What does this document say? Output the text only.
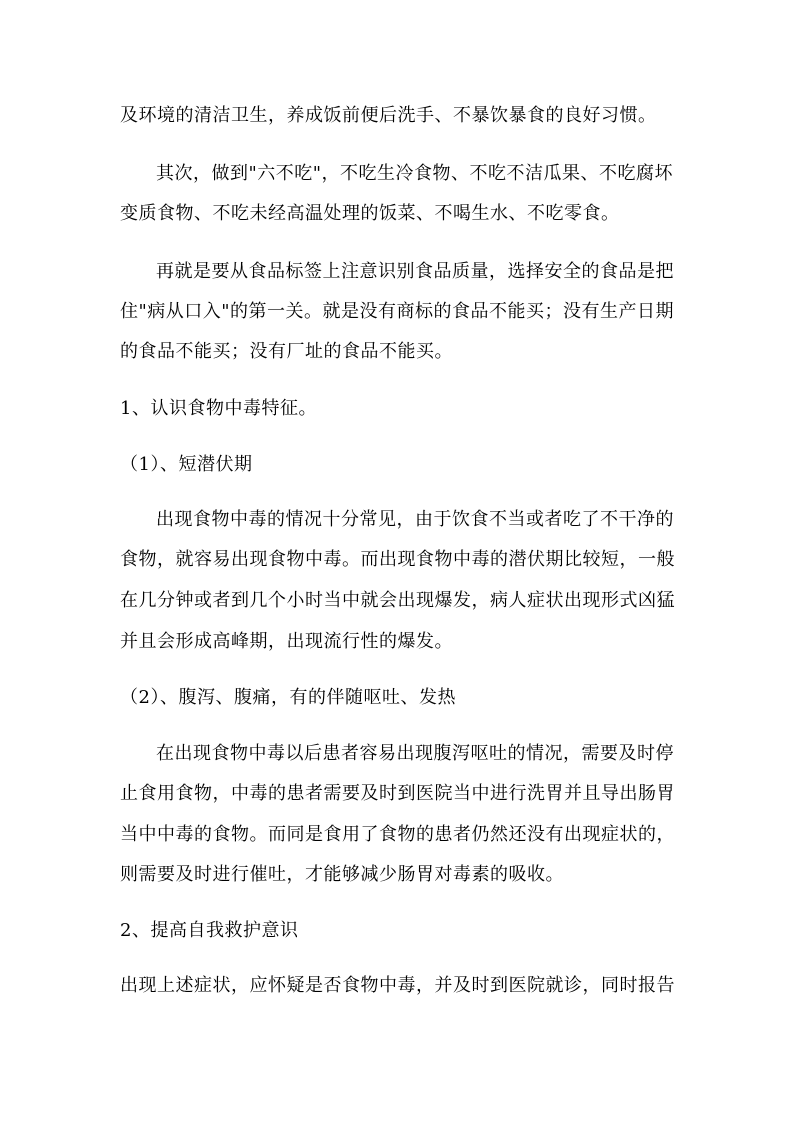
及环境的清洁卫生，养成饭前便后洗手、不暴饮暴食的良好习惯。
其次，做到"六不吃"，不吃生冷食物、不吃不洁瓜果、不吃腐坏
变质食物、不吃未经高温处理的饭菜、不喝生水、不吃零食。
再就是要从食品标签上注意识别食品质量，选择安全的食品是把
住"病从口入"的第一关。就是没有商标的食品不能买；没有生产日期
的食品不能买；没有厂址的食品不能买。
1、认识食物中毒特征。
（1）、短潜伏期
出现食物中毒的情况十分常见，由于饮食不当或者吃了不干净的
食物，就容易出现食物中毒。而出现食物中毒的潜伏期比较短，一般
在几分钟或者到几个小时当中就会出现爆发，病人症状出现形式凶猛
并且会形成高峰期，出现流行性的爆发。
（2）、腹泻、腹痛，有的伴随呕吐、发热
在出现食物中毒以后患者容易出现腹泻呕吐的情况，需要及时停
止食用食物，中毒的患者需要及时到医院当中进行洗胃并且导出肠胃
当中中毒的食物。而同是食用了食物的患者仍然还没有出现症状的，
则需要及时进行催吐，才能够减少肠胃对毒素的吸收。
2、提高自我救护意识
出现上述症状，应怀疑是否食物中毒，并及时到医院就诊，同时报告
